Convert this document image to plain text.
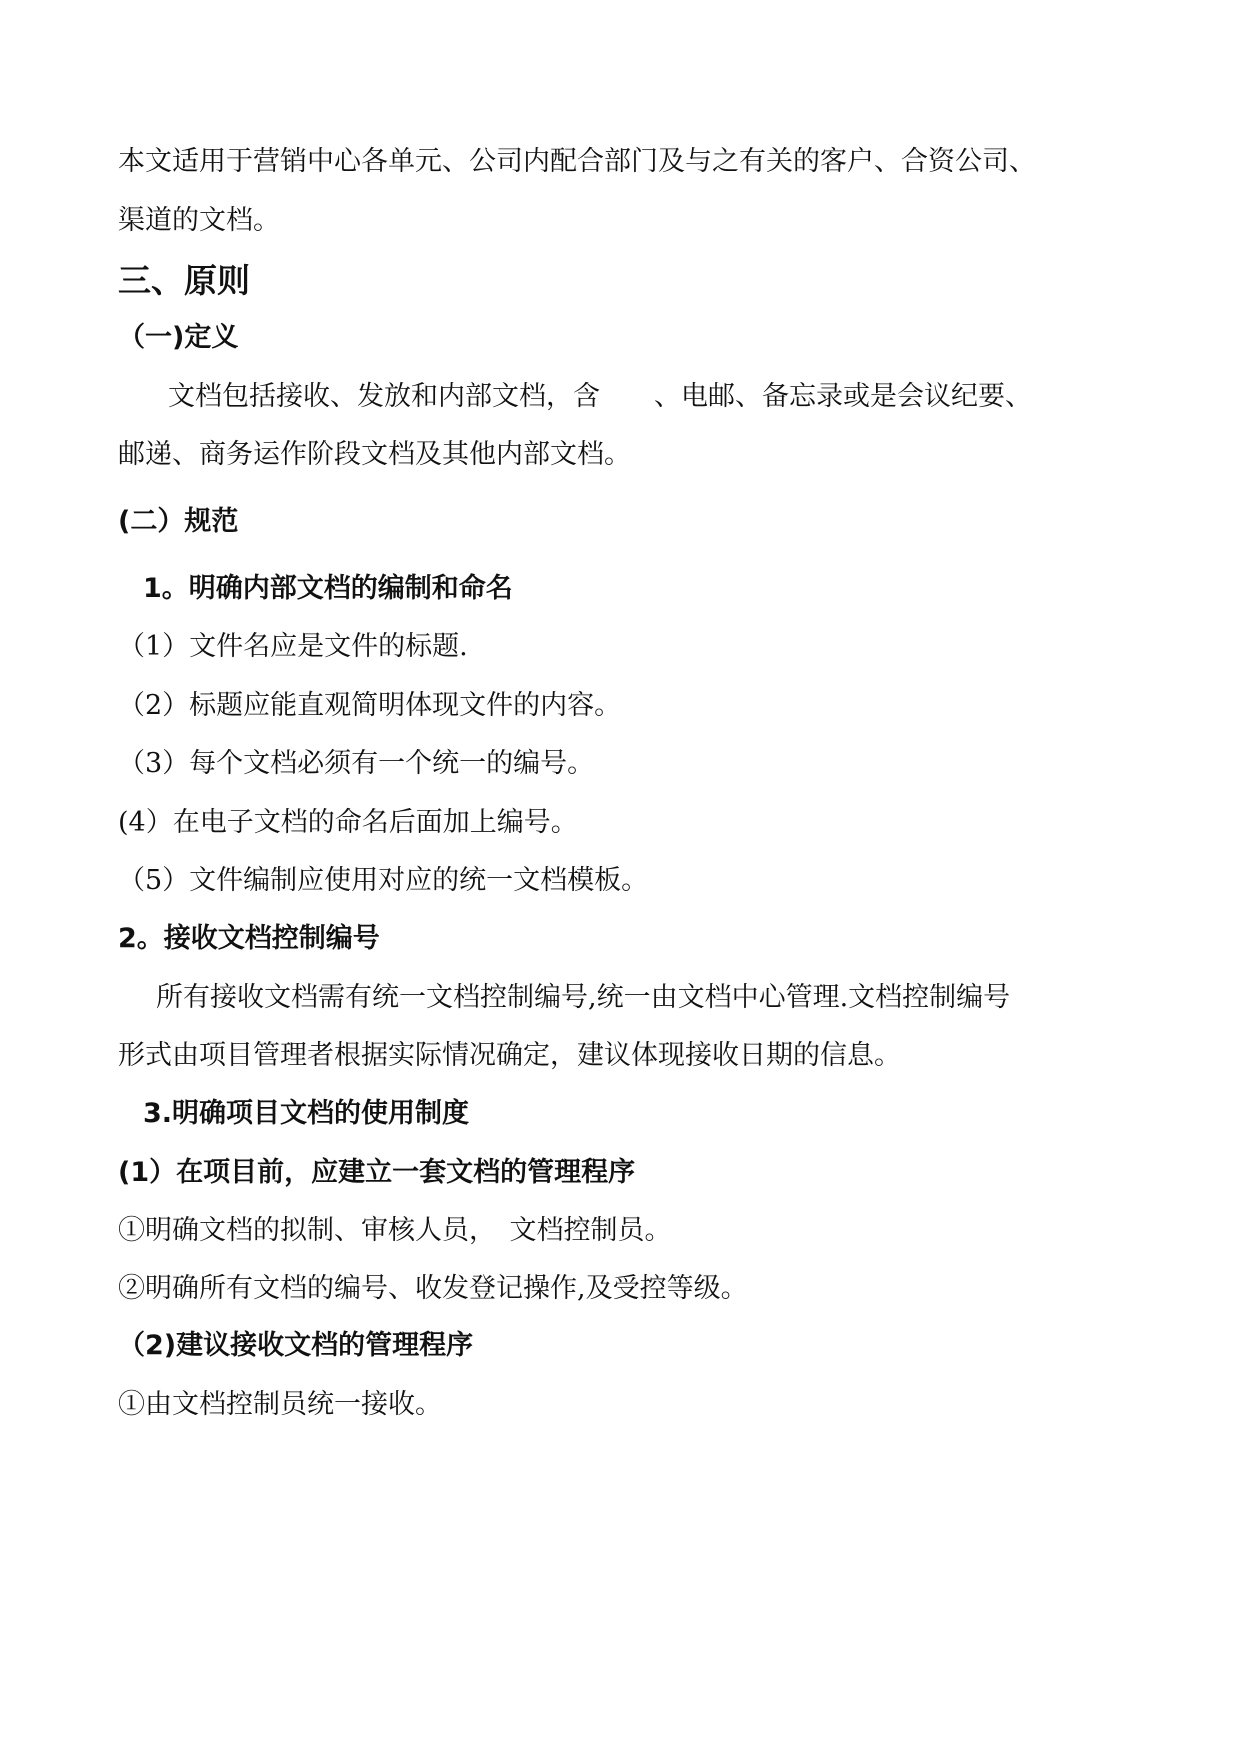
本文适用于营销中心各单元、公司内配合部门及与之有关的客户、合资公司、
渠道的文档。
三、原则
（一)定义
文档包括接收、发放和内部文档，含　　、电邮、备忘录或是会议纪要、
邮递、商务运作阶段文档及其他内部文档。
(二）规范
1。明确内部文档的编制和命名
（1）文件名应是文件的标题.
（2）标题应能直观简明体现文件的内容。
（3）每个文档必须有一个统一的编号。
(4）在电子文档的命名后面加上编号。
（5）文件编制应使用对应的统一文档模板。
2。接收文档控制编号
所有接收文档需有统一文档控制编号,统一由文档中心管理.文档控制编号
形式由项目管理者根据实际情况确定，建议体现接收日期的信息。
3.明确项目文档的使用制度
(1）在项目前，应建立一套文档的管理程序
①明确文档的拟制、审核人员，　文档控制员。
②明确所有文档的编号、收发登记操作,及受控等级。
（2)建议接收文档的管理程序
①由文档控制员统一接收。
